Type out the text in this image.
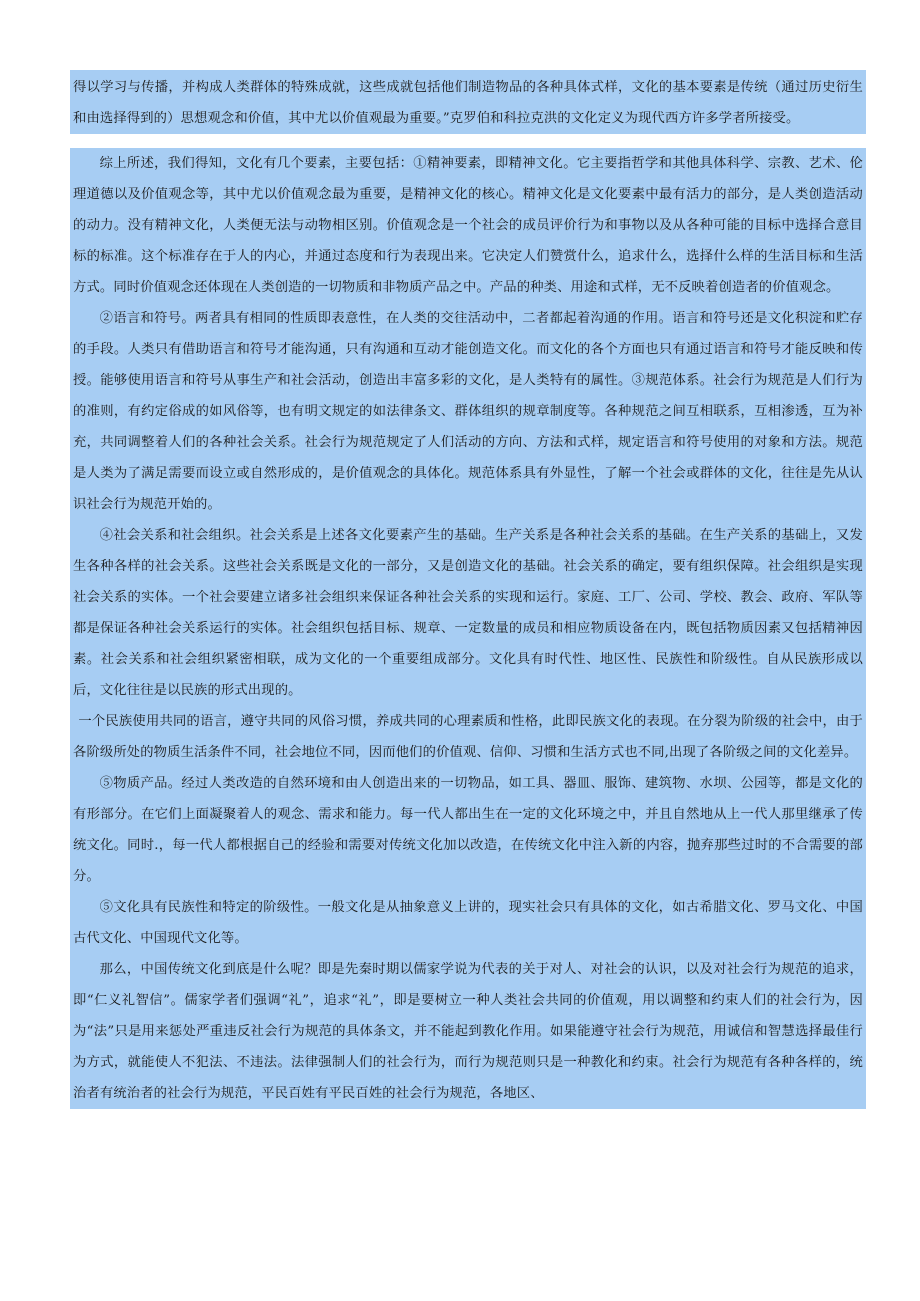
得以学习与传播，并构成人类群体的特殊成就，这些成就包括他们制造物品的各种具体式样，文化的基本要素是传统（通过历史衍生和由选择得到的）思想观念和价值，其中尤以价值观最为重要。”克罗伯和科拉克洪的文化定义为现代西方许多学者所接受。

综上所述，我们得知，文化有几个要素，主要包括：①精神要素，即精神文化。它主要指哲学和其他具体科学、宗教、艺术、伦理道德以及价值观念等，其中尤以价值观念最为重要，是精神文化的核心。精神文化是文化要素中最有活力的部分，是人类创造活动的动力。没有精神文化，人类便无法与动物相区别。价值观念是一个社会的成员评价行为和事物以及从各种可能的目标中选择合意目标的标准。这个标准存在于人的内心，并通过态度和行为表现出来。它决定人们赞赏什么，追求什么，选择什么样的生活目标和生活方式。同时价值观念还体现在人类创造的一切物质和非物质产品之中。产品的种类、用途和式样，无不反映着创造者的价值观念。

②语言和符号。两者具有相同的性质即表意性，在人类的交往活动中，二者都起着沟通的作用。语言和符号还是文化积淀和贮存的手段。人类只有借助语言和符号才能沟通，只有沟通和互动才能创造文化。而文化的各个方面也只有通过语言和符号才能反映和传授。能够使用语言和符号从事生产和社会活动，创造出丰富多彩的文化，是人类特有的属性。③规范体系。社会行为规范是人们行为的准则，有约定俗成的如风俗等，也有明文规定的如法律条文、群体组织的规章制度等。各种规范之间互相联系，互相渗透，互为补充，共同调整着人们的各种社会关系。社会行为规范规定了人们活动的方向、方法和式样，规定语言和符号使用的对象和方法。规范是人类为了满足需要而设立或自然形成的，是价值观念的具体化。规范体系具有外显性，了解一个社会或群体的文化，往往是先从认识社会行为规范开始的。

④社会关系和社会组织。社会关系是上述各文化要素产生的基础。生产关系是各种社会关系的基础。在生产关系的基础上，又发生各种各样的社会关系。这些社会关系既是文化的一部分，又是创造文化的基础。社会关系的确定，要有组织保障。社会组织是实现社会关系的实体。一个社会要建立诸多社会组织来保证各种社会关系的实现和运行。家庭、工厂、公司、学校、教会、政府、军队等都是保证各种社会关系运行的实体。社会组织包括目标、规章、一定数量的成员和相应物质设备在内，既包括物质因素又包括精神因素。社会关系和社会组织紧密相联，成为文化的一个重要组成部分。文化具有时代性、地区性、民族性和阶级性。自从民族形成以后，文化往往是以民族的形式出现的。

一个民族使用共同的语言，遵守共同的风俗习惯，养成共同的心理素质和性格，此即民族文化的表现。在分裂为阶级的社会中，由于各阶级所处的物质生活条件不同，社会地位不同，因而他们的价值观、信仰、习惯和生活方式也不同,出现了各阶级之间的文化差异。

⑤物质产品。经过人类改造的自然环境和由人创造出来的一切物品，如工具、器皿、服饰、建筑物、水坝、公园等，都是文化的有形部分。在它们上面凝聚着人的观念、需求和能力。每一代人都出生在一定的文化环境之中，并且自然地从上一代人那里继承了传统文化。同时.，每一代人都根据自己的经验和需要对传统文化加以改造，在传统文化中注入新的内容，抛弃那些过时的不合需要的部分。

⑤文化具有民族性和特定的阶级性。一般文化是从抽象意义上讲的，现实社会只有具体的文化，如古希腊文化、罗马文化、中国古代文化、中国现代文化等。

那么，中国传统文化到底是什么呢？即是先秦时期以儒家学说为代表的关于对人、对社会的认识，以及对社会行为规范的追求，即“仁义礼智信”。儒家学者们强调“礼”，追求“礼”，即是要树立一种人类社会共同的价值观，用以调整和约束人们的社会行为，因为“法”只是用来惩处严重违反社会行为规范的具体条文，并不能起到教化作用。如果能遵守社会行为规范，用诚信和智慧选择最佳行为方式，就能使人不犯法、不违法。法律强制人们的社会行为，而行为规范则只是一种教化和约束。社会行为规范有各种各样的，统治者有统治者的社会行为规范，平民百姓有平民百姓的社会行为规范，各地区、
